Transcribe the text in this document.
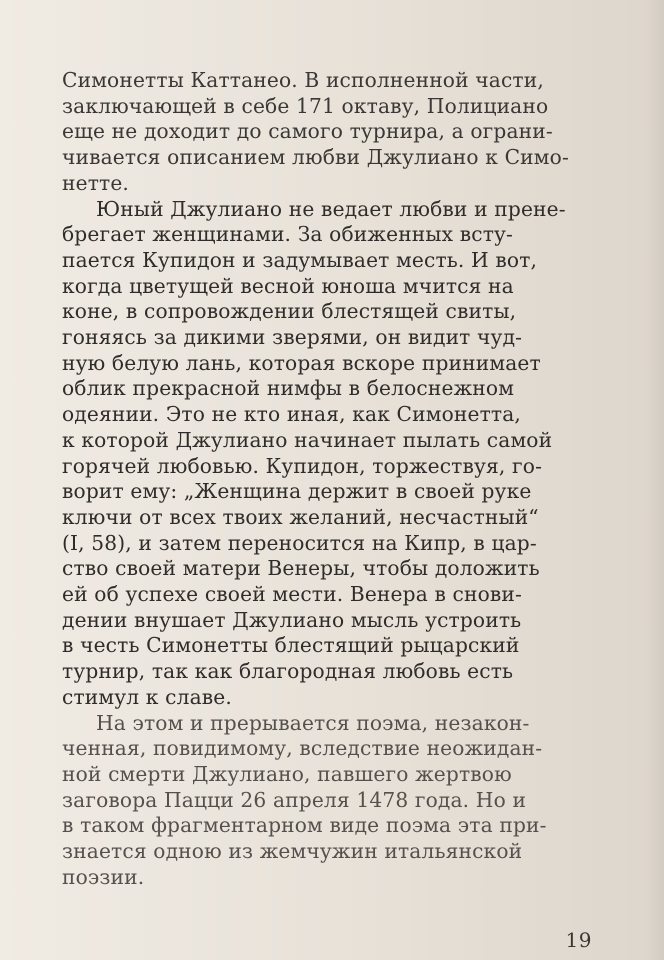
Симонетты Каттанео. В исполненной части,
заключающей в себе 171 октаву, Полициано
еще не доходит до самого турнира, а ограни-
чивается описанием любви Джулиано к Симо-
нетте.

Юный Джулиано не ведает любви и прене-
брегает женщинами. За обиженных всту-
пается Купидон и задумывает месть. И вот,
когда цветущей весной юноша мчится на
коне, в сопровождении блестящей свиты,
гоняясь за дикими зверями, он видит чуд-
ную белую лань, которая вскоре принимает
облик прекрасной нимфы в белоснежном
одеянии. Это не кто иная, как Симонетта,
к которой Джулиано начинает пылать самой
горячей любовью. Купидон, торжествуя, го-
ворит ему: „Женщина держит в своей руке
ключи от всех твоих желаний, несчастный“
(I, 58), и затем переносится на Кипр, в цар-
ство своей матери Венеры, чтобы доложить
ей об успехе своей мести. Венера в снови-
дении внушает Джулиано мысль устроить
в честь Симонетты блестящий рыцарский
турнир, так как благородная любовь есть
стимул к славе.

На этом и прерывается поэма, незакон-
ченная, повидимому, вследствие неожидан-
ной смерти Джулиано, павшего жертвою
заговора Пацци 26 апреля 1478 года. Но и
в таком фрагментарном виде поэма эта при-
знается одною из жемчужин итальянской
поэзии.

19
